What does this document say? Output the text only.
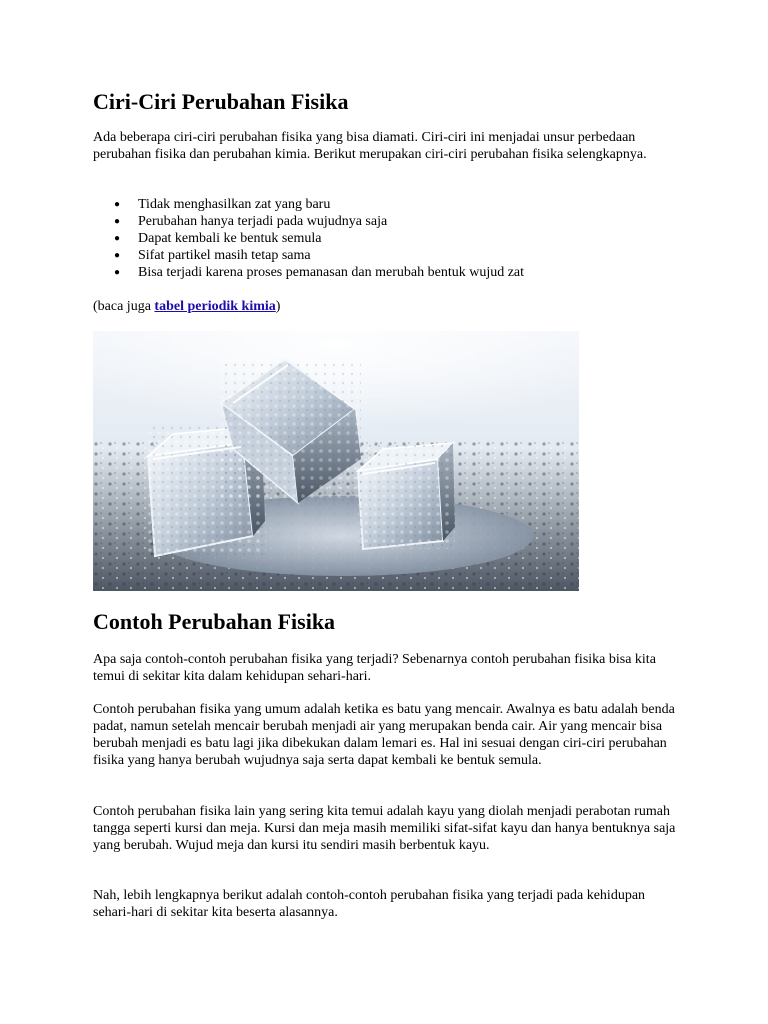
Ciri-Ciri Perubahan Fisika

Ada beberapa ciri-ciri perubahan fisika yang bisa diamati. Ciri-ciri ini menjadai unsur perbedaan perubahan fisika dan perubahan kimia. Berikut merupakan ciri-ciri perubahan fisika selengkapnya.

● Tidak menghasilkan zat yang baru
● Perubahan hanya terjadi pada wujudnya saja
● Dapat kembali ke bentuk semula
● Sifat partikel masih tetap sama
● Bisa terjadi karena proses pemanasan dan merubah bentuk wujud zat

(baca juga tabel periodik kimia)

Contoh Perubahan Fisika

Apa saja contoh-contoh perubahan fisika yang terjadi? Sebenarnya contoh perubahan fisika bisa kita temui di sekitar kita dalam kehidupan sehari-hari.

Contoh perubahan fisika yang umum adalah ketika es batu yang mencair. Awalnya es batu adalah benda padat, namun setelah mencair berubah menjadi air yang merupakan benda cair. Air yang mencair bisa berubah menjadi es batu lagi jika dibekukan dalam lemari es. Hal ini sesuai dengan ciri-ciri perubahan fisika yang hanya berubah wujudnya saja serta dapat kembali ke bentuk semula.

Contoh perubahan fisika lain yang sering kita temui adalah kayu yang diolah menjadi perabotan rumah tangga seperti kursi dan meja. Kursi dan meja masih memiliki sifat-sifat kayu dan hanya bentuknya saja yang berubah. Wujud meja dan kursi itu sendiri masih berbentuk kayu.

Nah, lebih lengkapnya berikut adalah contoh-contoh perubahan fisika yang terjadi pada kehidupan sehari-hari di sekitar kita beserta alasannya.
